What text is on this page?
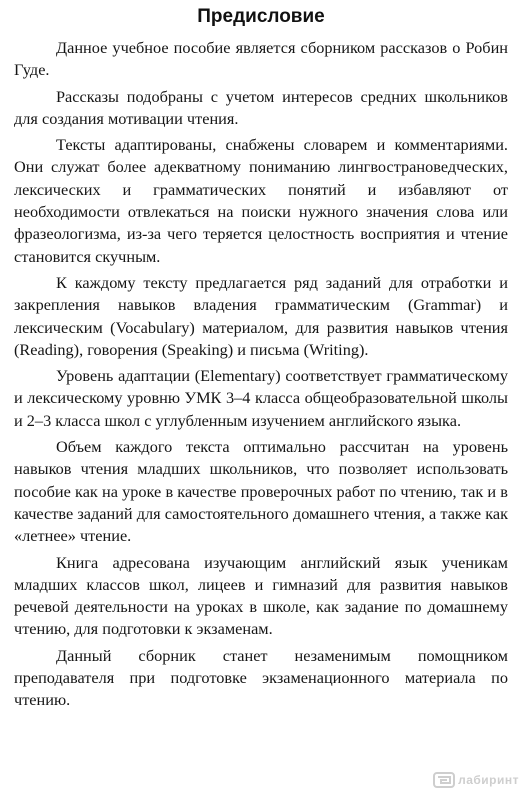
Предисловие

Данное учебное пособие является сборником рассказов о Робин Гуде.

Рассказы подобраны с учетом интересов средних школьников для создания мотивации чтения.

Тексты адаптированы, снабжены словарем и комментариями. Они служат более адекватному пониманию лингвострановедческих, лексических и грамматических понятий и избавляют от необходимости отвлекаться на поиски нужного значения слова или фразеологизма, из-за чего теряется целостность восприятия и чтение становится скучным.

К каждому тексту предлагается ряд заданий для отработки и закрепления навыков владения грамматическим (Grammar) и лексическим (Vocabulary) материалом, для развития навыков чтения (Reading), говорения (Speaking) и письма (Writing).

Уровень адаптации (Elementary) соответствует грамматическому и лексическому уровню УМК 3–4 класса общеобразовательной школы и 2–3 класса школ с углубленным изучением английского языка.

Объем каждого текста оптимально рассчитан на уровень навыков чтения младших школьников, что позволяет использовать пособие как на уроке в качестве проверочных работ по чтению, так и в качестве заданий для самостоятельного домашнего чтения, а также как «летнее» чтение.

Книга адресована изучающим английский язык ученикам младших классов школ, лицеев и гимназий для развития навыков речевой деятельности на уроках в школе, как задание по домашнему чтению, для подготовки к экзаменам.

Данный сборник станет незаменимым помощником преподавателя при подготовке экзаменационного материала по чтению.

лабиринт
